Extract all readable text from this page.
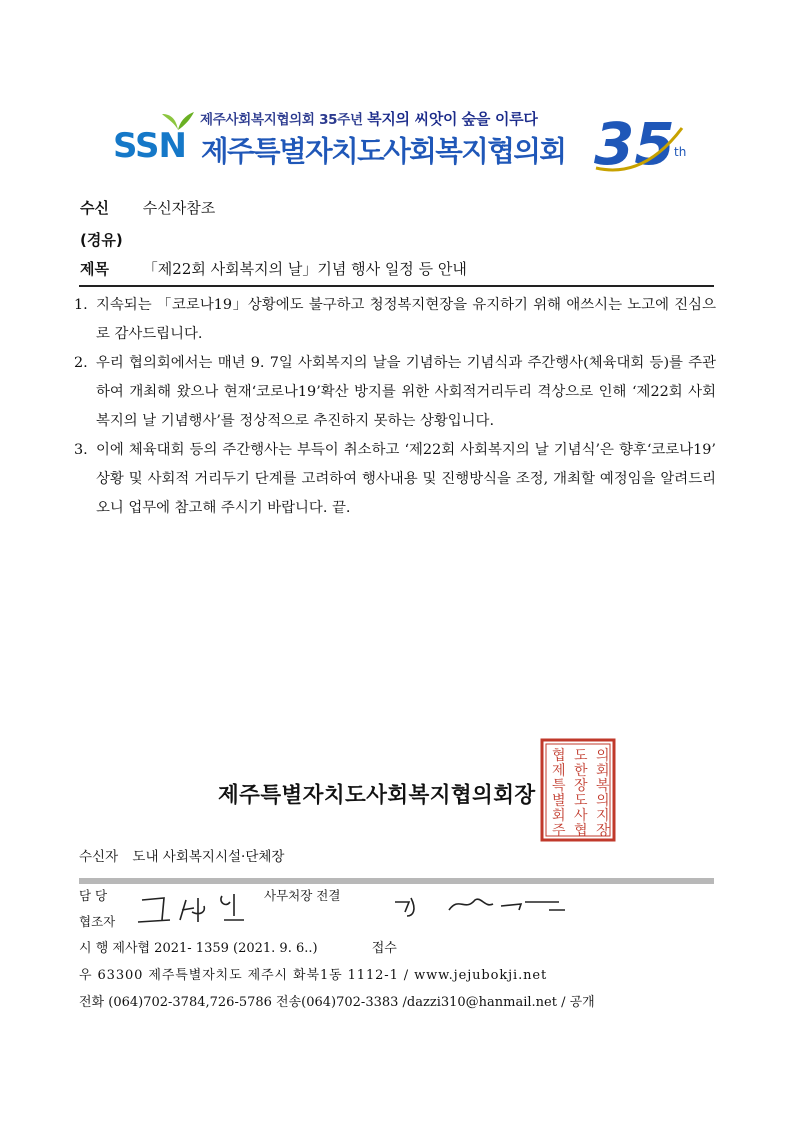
제주사회복지협의회 35주년 복지의 씨앗이 숲을 이루다
SSN 제주특별자치도사회복지협의회 35 th
수신 수신자참조
(경유)
제목 「제22회 사회복지의 날」기념 행사 일정 등 안내
1. 지속되는 「코로나19」상황에도 불구하고 청정복지현장을 유지하기 위해 애쓰시는 노고에 진심으로 감사드립니다.
2. 우리 협의회에서는 매년 9. 7일 사회복지의 날을 기념하는 기념식과 주간행사(체육대회 등)를 주관하여 개최해 왔으나 현재‘코로나19’확산 방지를 위한 사회적거리두리 격상으로 인해 ‘제22회 사회복지의 날 기념행사’를 정상적으로 추진하지 못하는 상황입니다.
3. 이에 체육대회 등의 주간행사는 부득이 취소하고 ‘제22회 사회복지의 날 기념식’은 향후‘코로나19’ 상황 및 사회적 거리두기 단계를 고려하여 행사내용 및 진행방식을 조정, 개최할 예정임을 알려드리오니 업무에 참고해 주시기 바랍니다. 끝.
협
제
특
별
회
주
도
한
장
도
사
협
의
회
복
의
지
장
제주특별자치도사회복지협의회장
수신자 도내 사회복지시설·단체장
담 당
협조자
사무처장 전결
시 행 제사협 2021- 1359 (2021. 9. 6..)	접수
우 63300 제주특별자치도 제주시 화북1동 1112-1 / www.jejubokji.net
전화 (064)702-3784,726-5786 전송(064)702-3383 /dazzi310@hanmail.net / 공개
